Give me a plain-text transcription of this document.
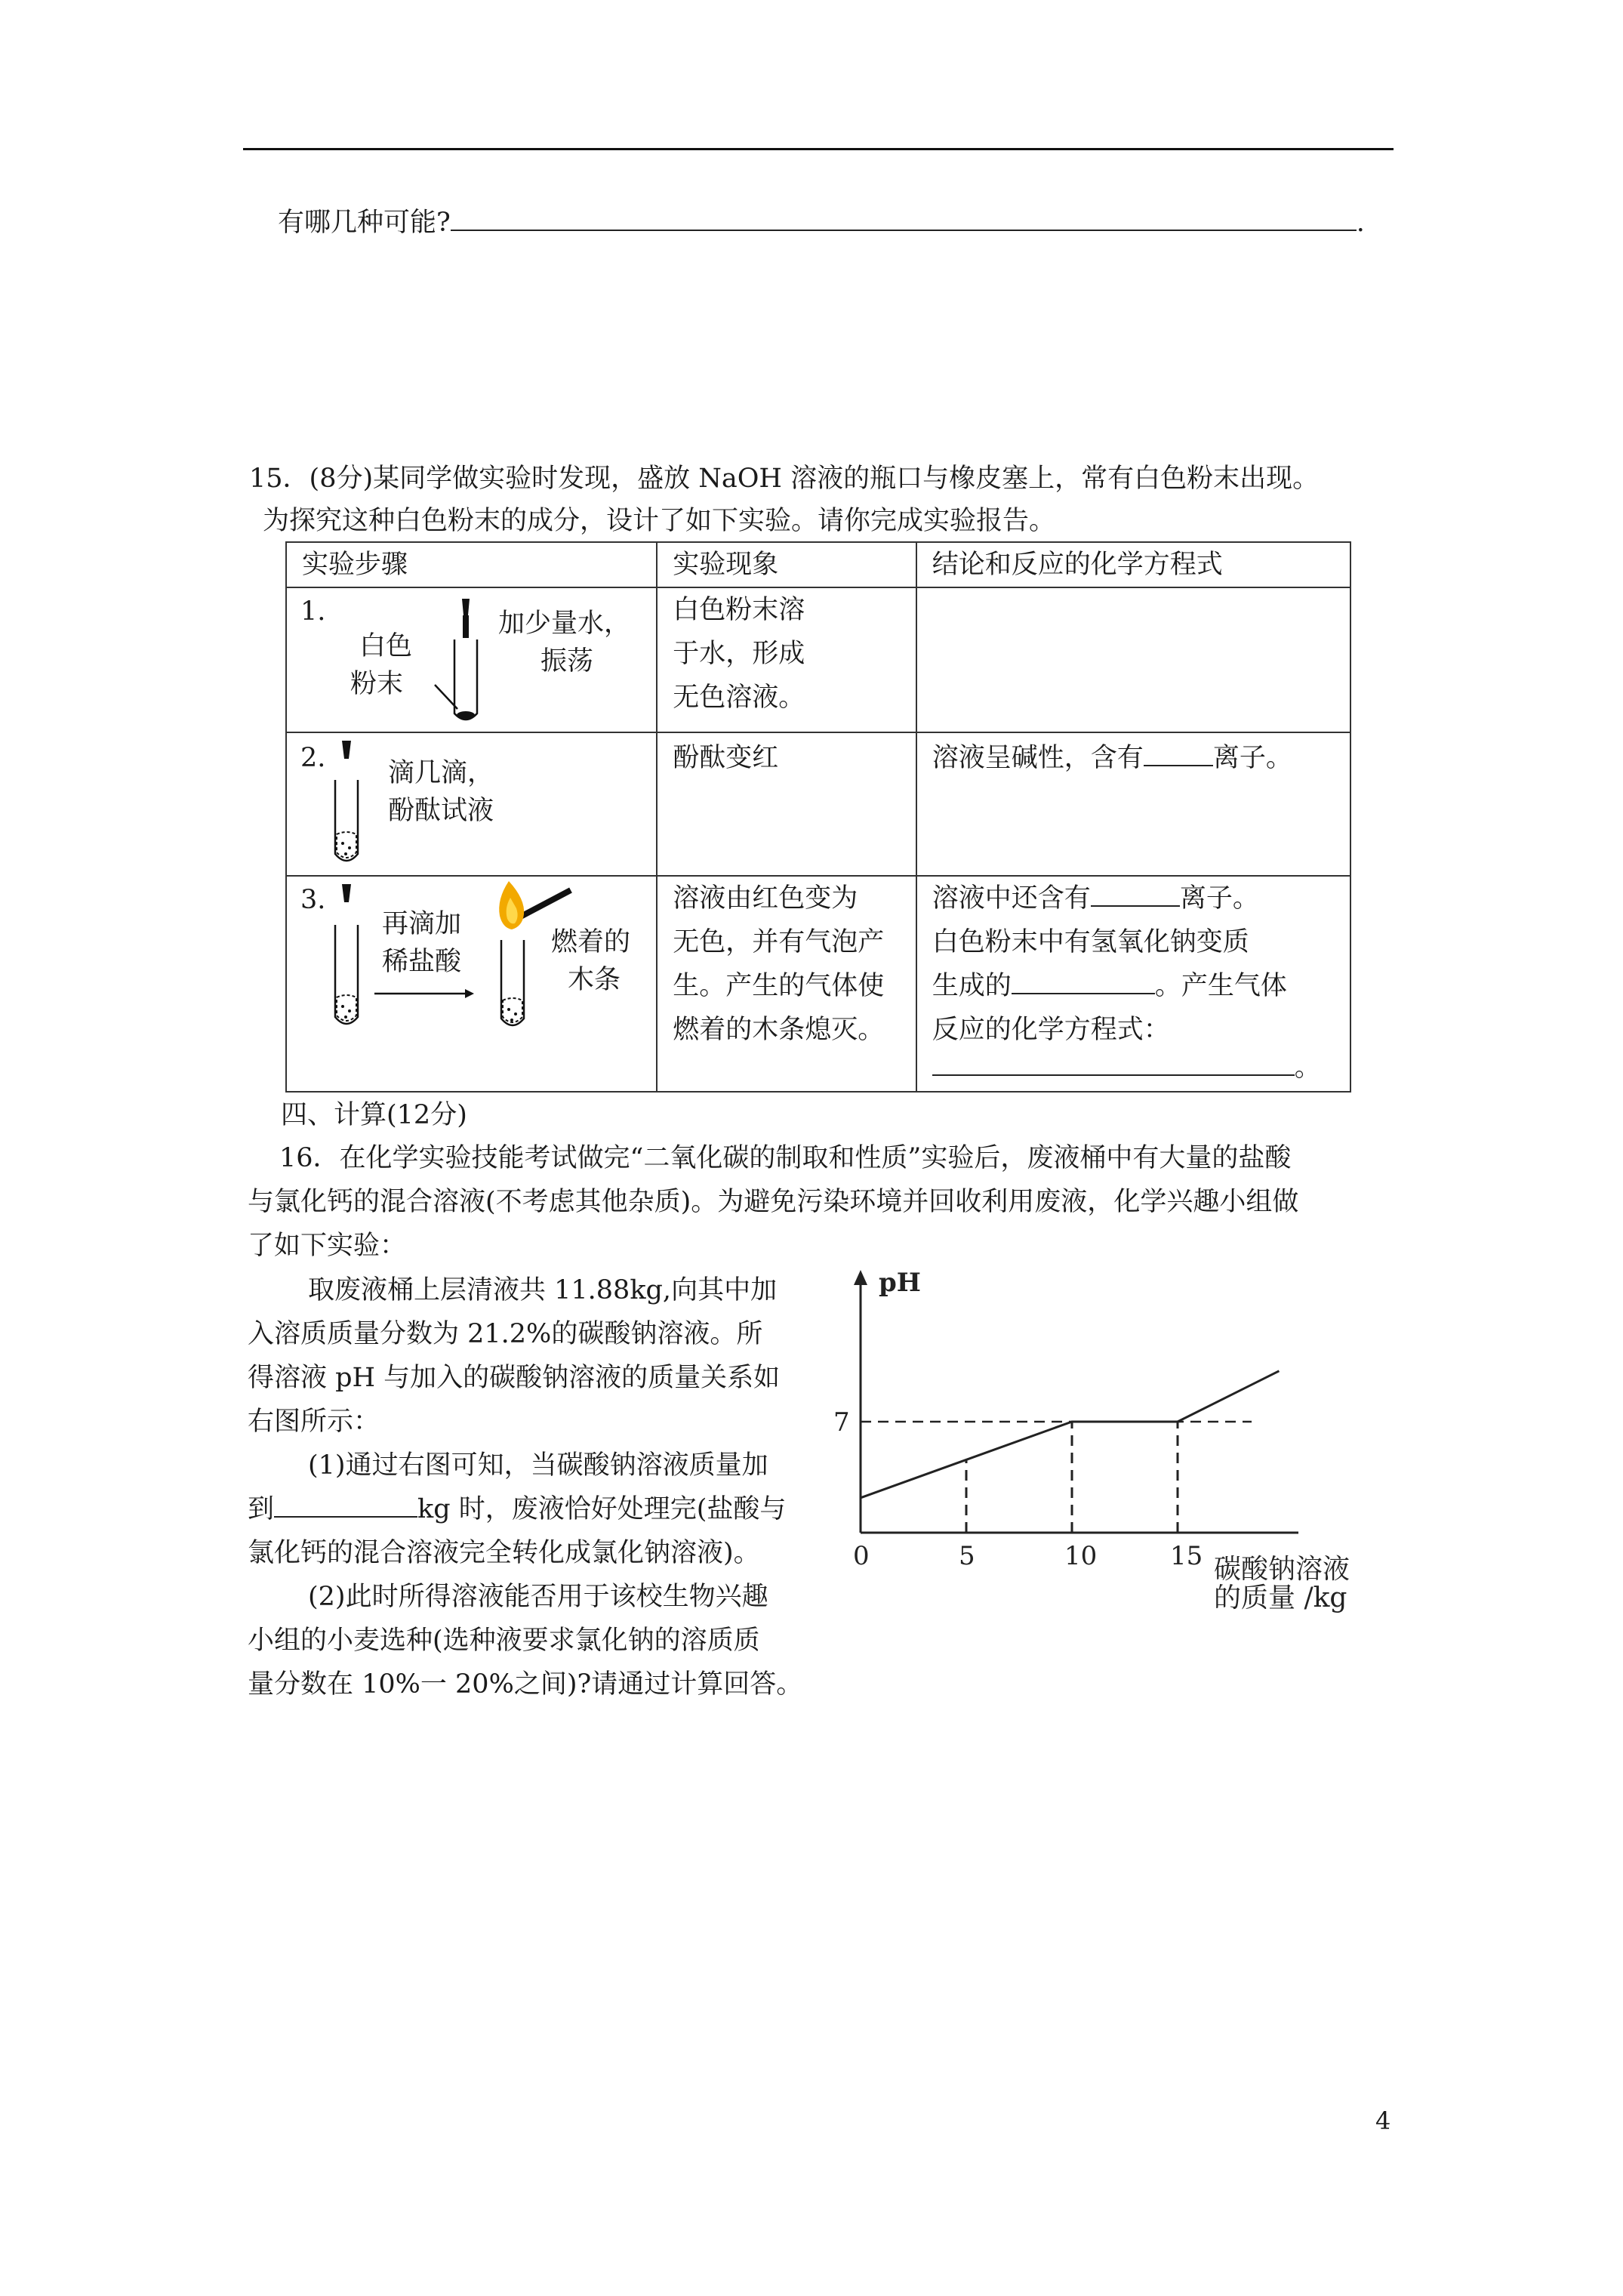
有哪几种可能?	.
15．(8分)某同学做实验时发现，盛放 NaOH 溶液的瓶口与橡皮塞上，常有白色粉末出现。
为探究这种白色粉末的成分，设计了如下实验。请你完成实验报告。
实验步骤	实验现象	结论和反应的化学方程式

1.
白色
粉末
加少量水，
振荡	白色粉末溶
于水，形成
无色溶液。	

2. 滴几滴，
酚酞试液	酚酞变红	溶液呈碱性，含有 离子。

3.
再滴加
稀盐酸
燃着的
木条	溶液由红色变为
无色，并有气泡产
生。产生的气体使
燃着的木条熄灭。	溶液中还含有 离子。
白色粉末中有氢氧化钠变质
生成的 。产生气体
反应的化学方程式：
。
四、计算(12分)
16．在化学实验技能考试做完“二氧化碳的制取和性质”实验后，废液桶中有大量的盐酸
与氯化钙的混合溶液(不考虑其他杂质)。为避免污染环境并回收利用废液，化学兴趣小组做
了如下实验：
取废液桶上层清液共 11.88kg,向其中加
入溶质质量分数为 21.2%的碳酸钠溶液。所
得溶液 pH 与加入的碳酸钠溶液的质量关系如
右图所示：
(1)通过右图可知，当碳酸钠溶液质量加
到	kg 时，废液恰好处理完(盐酸与
氯化钙的混合溶液完全转化成氯化钠溶液)。
(2)此时所得溶液能否用于该校生物兴趣
小组的小麦选种(选种液要求氯化钠的溶质质
量分数在 10%一 20%之间)?请通过计算回答。
0	5	10	15
7
pH
碳酸钠溶液
的质量 /kg
4
